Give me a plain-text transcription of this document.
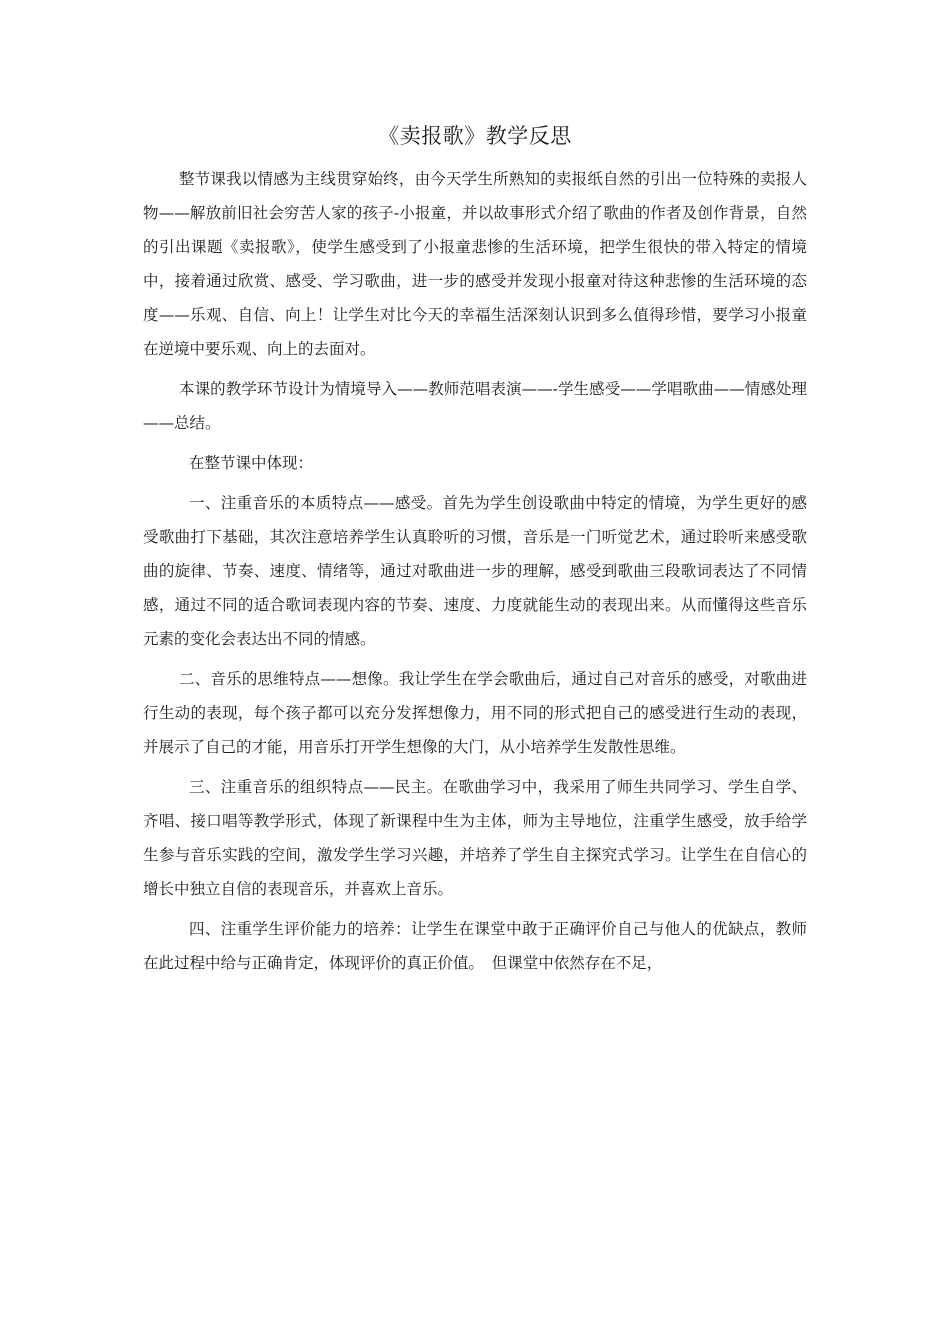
《卖报歌》教学反思

整节课我以情感为主线贯穿始终，由今天学生所熟知的卖报纸自然的引出一位特殊的卖报人物——解放前旧社会穷苦人家的孩子-小报童，并以故事形式介绍了歌曲的作者及创作背景，自然的引出课题《卖报歌》，使学生感受到了小报童悲惨的生活环境，把学生很快的带入特定的情境中，接着通过欣赏、感受、学习歌曲，进一步的感受并发现小报童对待这种悲惨的生活环境的态度——乐观、自信、向上！让学生对比今天的幸福生活深刻认识到多么值得珍惜，要学习小报童在逆境中要乐观、向上的去面对。

本课的教学环节设计为情境导入——教师范唱表演——-学生感受——学唱歌曲——情感处理——总结。

在整节课中体现：

一、注重音乐的本质特点——感受。首先为学生创设歌曲中特定的情境，为学生更好的感受歌曲打下基础，其次注意培养学生认真聆听的习惯，音乐是一门听觉艺术，通过聆听来感受歌曲的旋律、节奏、速度、情绪等，通过对歌曲进一步的理解，感受到歌曲三段歌词表达了不同情感，通过不同的适合歌词表现内容的节奏、速度、力度就能生动的表现出来。从而懂得这些音乐元素的变化会表达出不同的情感。

二、音乐的思维特点——想像。我让学生在学会歌曲后，通过自己对音乐的感受，对歌曲进行生动的表现，每个孩子都可以充分发挥想像力，用不同的形式把自己的感受进行生动的表现，并展示了自己的才能，用音乐打开学生想像的大门，从小培养学生发散性思维。

三、注重音乐的组织特点——民主。在歌曲学习中，我采用了师生共同学习、学生自学、齐唱、接口唱等教学形式，体现了新课程中生为主体，师为主导地位，注重学生感受，放手给学生参与音乐实践的空间，激发学生学习兴趣，并培养了学生自主探究式学习。让学生在自信心的增长中独立自信的表现音乐，并喜欢上音乐。

四、注重学生评价能力的培养：让学生在课堂中敢于正确评价自己与他人的优缺点，教师在此过程中给与正确肯定，体现评价的真正价值。　但课堂中依然存在不足，
